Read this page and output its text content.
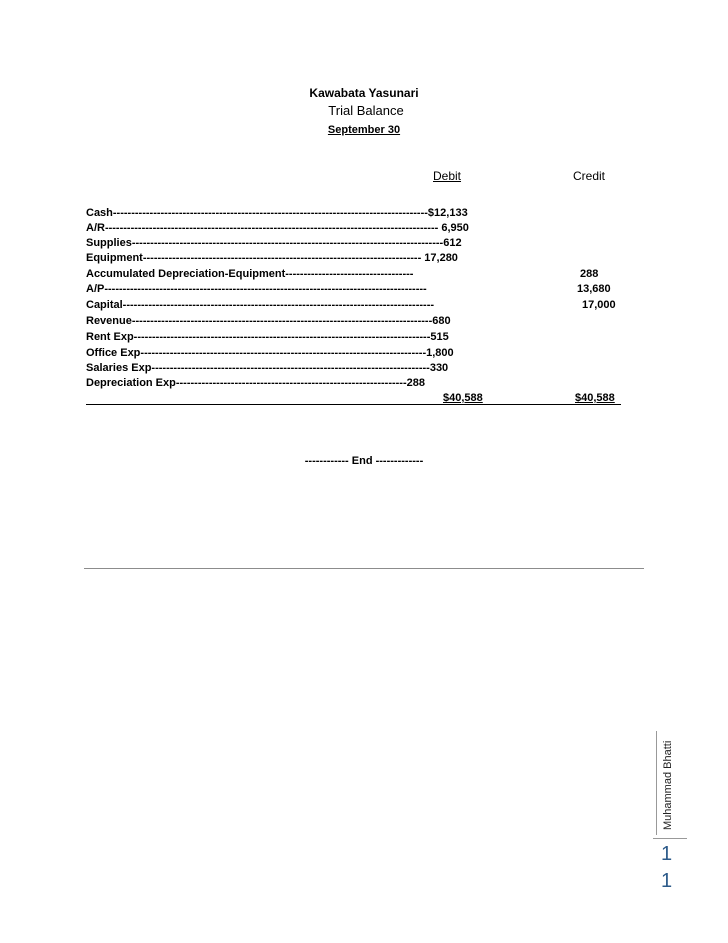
Kawabata Yasunari
Trial Balance
September 30
Debit	Credit
Cash--------------------------------------------------------------------------------------$12,133
A/R------------------------------------------------------------------------------------------- 6,950
Supplies-------------------------------------------------------------------------------------612
Equipment---------------------------------------------------------------------------- 17,280
Accumulated Depreciation-Equipment-----------------------------------	288
A/P----------------------------------------------------------------------------------------	13,680
Capital-------------------------------------------------------------------------------------	17,000
Revenue----------------------------------------------------------------------------------680
Rent Exp---------------------------------------------------------------------------------515
Office Exp------------------------------------------------------------------------------1,800
Salaries Exp----------------------------------------------------------------------------330
Depreciation Exp---------------------------------------------------------------288
$40,588	$40,588
------------ End -------------
Muhammad Bhatti
1
1
